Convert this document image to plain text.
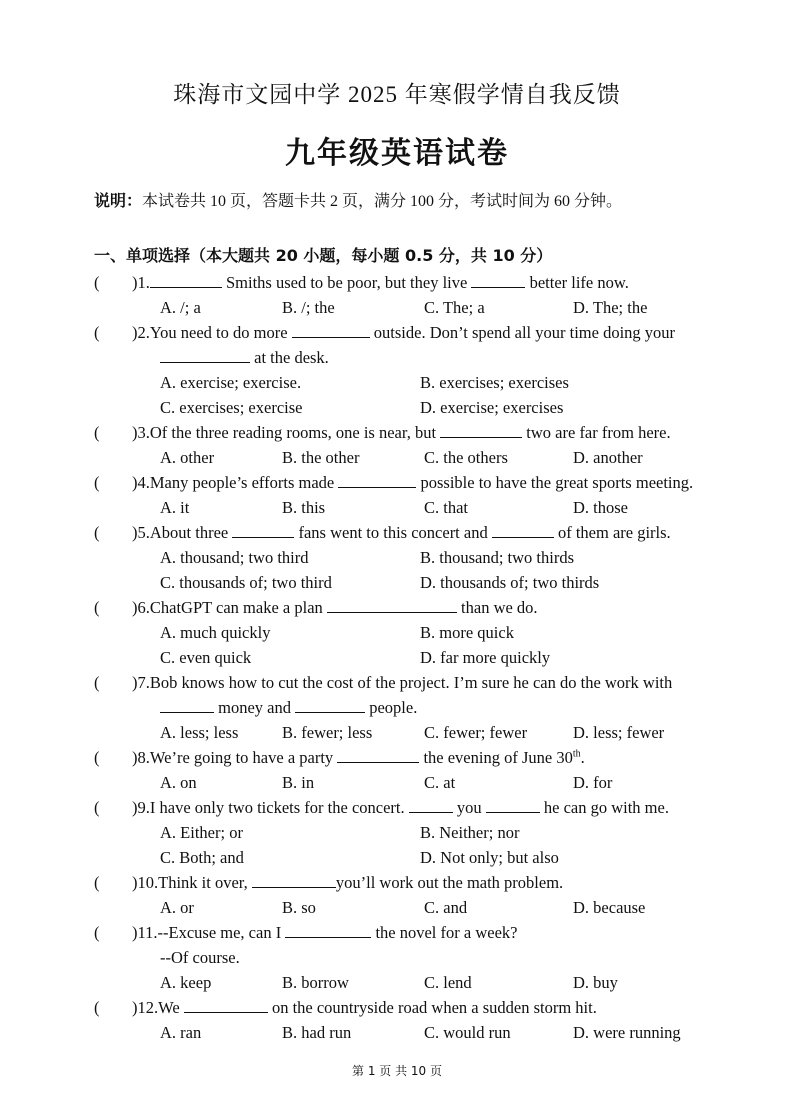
珠海市文园中学 2025 年寒假学情自我反馈
九年级英语试卷
说明：本试卷共 10 页，答题卡共 2 页，满分 100 分，考试时间为 60 分钟。
一、单项选择（本大题共 20 小题，每小题 0.5 分，共 10 分）
( )1.	Smiths used to be poor, but they live	better life now.
A. /; a	B. /; the	C. The; a	D. The; the
( )2.You need to do more	outside. Don’t spend all your time doing your
at the desk.
A. exercise; exercise.	B. exercises; exercises
C. exercises; exercise	D. exercise; exercises
( )3.Of the three reading rooms, one is near, but	two are far from here.
A. other	B. the other	C. the others	D. another
( )4.Many people’s efforts made	possible to have the great sports meeting.
A. it	B. this	C. that	D. those
( )5.About three	fans went to this concert and	of them are girls.
A. thousand; two third	B. thousand; two thirds
C. thousands of; two third	D. thousands of; two thirds
( )6.ChatGPT can make a plan	than we do.
A. much quickly	B. more quick
C. even quick	D. far more quickly
( )7.Bob knows how to cut the cost of the project. I’m sure he can do the work with
money and	people.
A. less; less	B. fewer; less	C. fewer; fewer	D. less; fewer
( )8.We’re going to have a party	the evening of June 30th.
A. on	B. in	C. at	D. for
( )9.I have only two tickets for the concert.	you	he can go with me.
A. Either; or	B. Neither; nor
C. Both; and	D. Not only; but also
( )10.Think it over,	you’ll work out the math problem.
A. or	B. so	C. and	D. because
( )11.--Excuse me, can I	the novel for a week?
--Of course.
A. keep	B. borrow	C. lend	D. buy
( )12.We	on the countryside road when a sudden storm hit.
A. ran	B. had run	C. would run	D. were running
第 1 页 共 10 页
